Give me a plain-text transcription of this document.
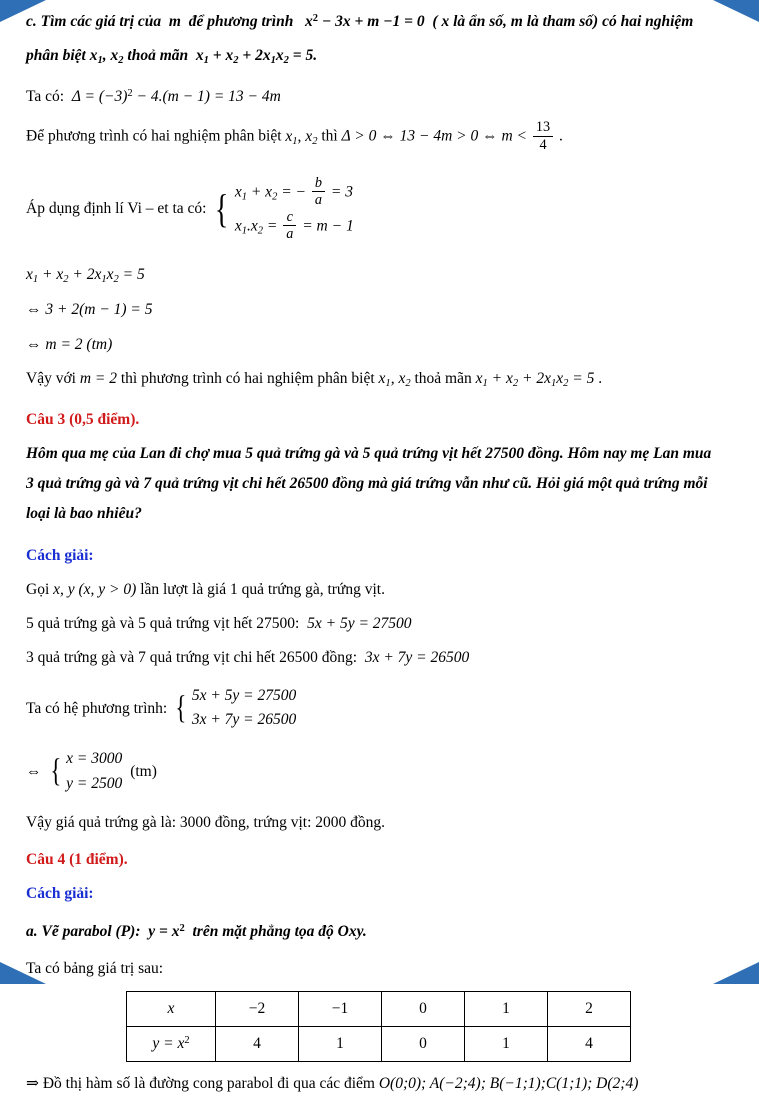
c. Tìm các giá trị của  m  để phương trình   $x^2 - 3x + m -1 = 0$  ( x là ẩn số, m là tham số) có hai nghiệm

phân biệt $x_1$, $x_2$ thoả mãn  $x_1 + x_2 + 2x_1x_2 = 5$.

Ta có:  $\Delta = (-3)^2 - 4.(m - 1) = 13 - 4m$

Để phương trình có hai nghiệm phân biệt $x_1$, $x_2$ thì Δ > 0 ⇔ 13 − 4m > 0 ⇔ $m < \frac{13}{4}$ .

Áp dụng định lí Vi – et ta có: { $x_1 + x_2$ = − $\frac{b}{a} = 3$
$x_1.x_2 = \frac{c}{a} = m - 1$

$x_1 + x_2 + 2x_1x_2 = 5$

⇔ 3 + 2(m − 1) = 5

⇔ m = 2 (tm)

Vậy với m = 2 thì phương trình có hai nghiệm phân biệt $x_1$, $x_2$ thoả mãn $x_1 + x_2 + 2x_1x_2 = 5$ .

Câu 3 (0,5 điểm).

Hôm qua mẹ của Lan đi chợ mua 5 quả trứng gà và 5 quả trứng vịt hết 27500 đồng. Hôm nay mẹ Lan mua

3 quả trứng gà và 7 quả trứng vịt chi hết 26500 đồng mà giá trứng vẫn như cũ. Hỏi giá một quả trứng mỗi

loại là bao nhiêu?

Cách giải:

Gọi x, y (x, y > 0) lần lượt là giá 1 quả trứng gà, trứng vịt.

5 quả trứng gà và 5 quả trứng vịt hết 27500:  5x + 5y = 27500

3 quả trứng gà và 7 quả trứng vịt chi hết 26500 đồng:  3x + 7y = 26500

Ta có hệ phương trình: { 5x + 5y = 27500
3x + 7y = 26500
⇔ { x = 3000
y = 2500
(tm)

Vậy giá quả trứng gà là: 3000 đồng, trứng vịt: 2000 đồng.

Câu 4 (1 điểm).

Cách giải:

a. Vẽ parabol (P):  $y = x^2$  trên mặt phẳng tọa độ Oxy.

Ta có bảng giá trị sau:

x	−2	−1	0	1	2
$y = x^2$	4	1	0	1	4

⇒ Đồ thị hàm số là đường cong parabol đi qua các điểm O(0;0); A(−2;4); B(−1;1);C(1;1); D(2;4)
